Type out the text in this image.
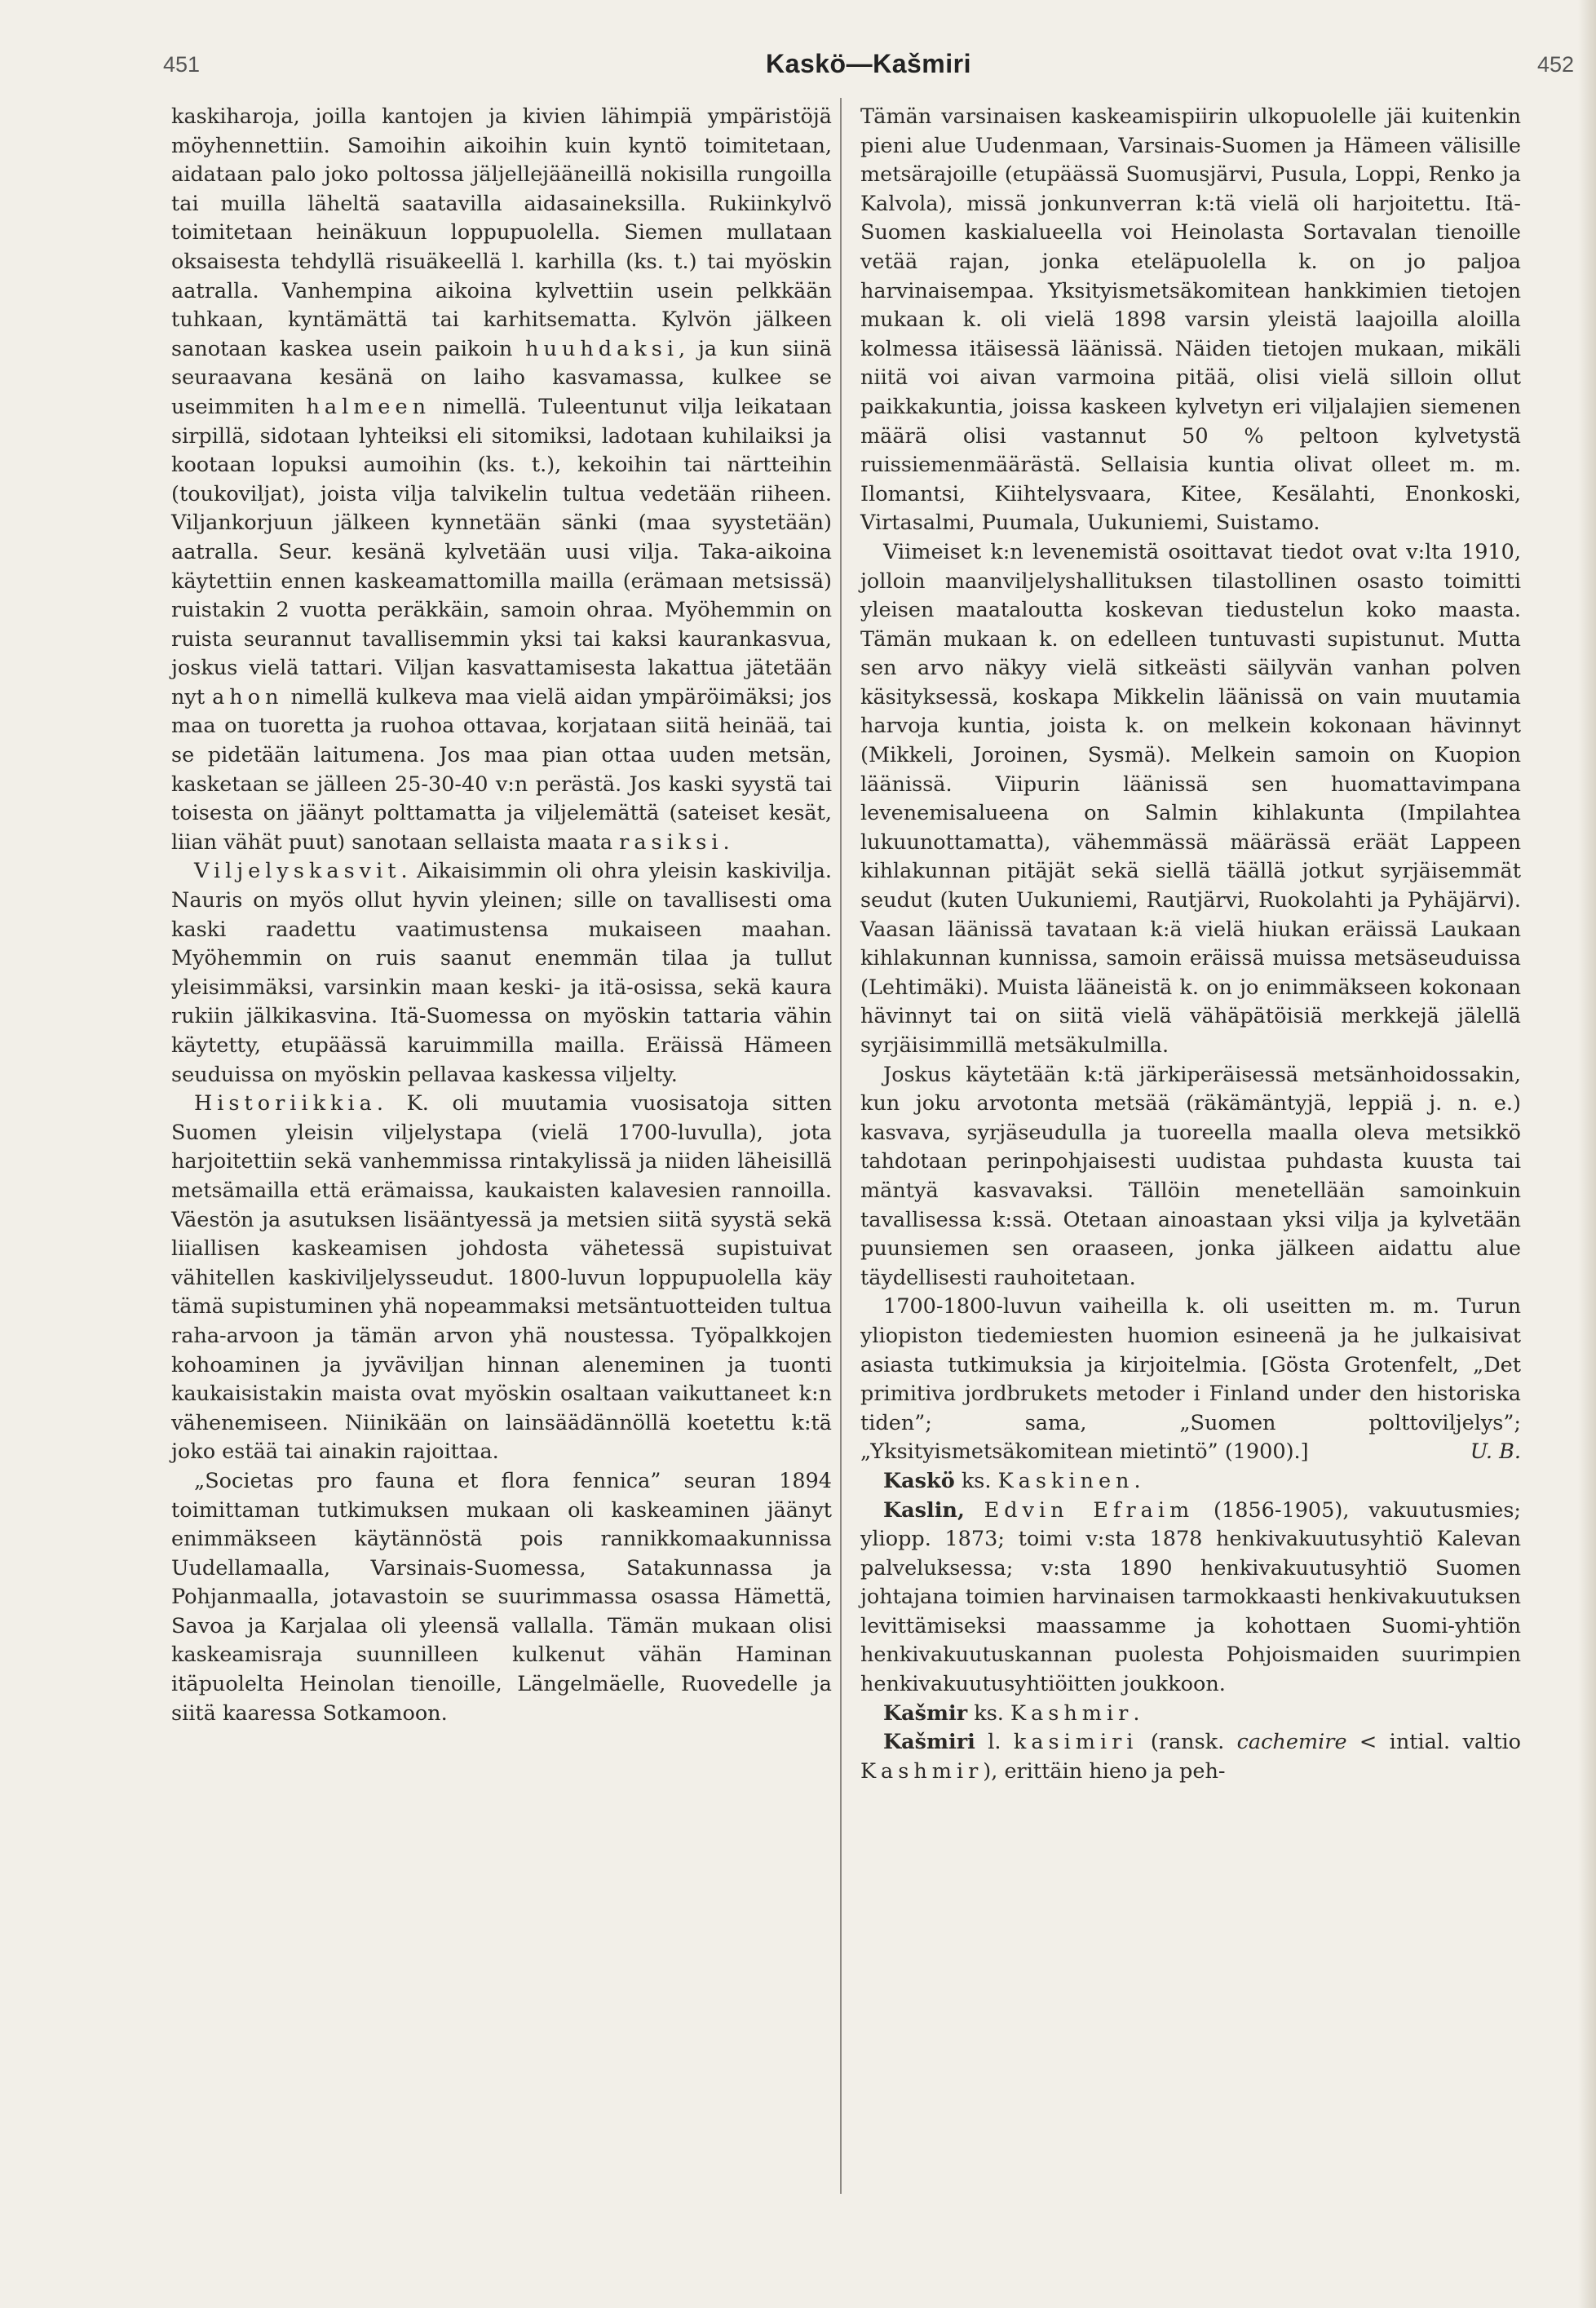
451	Kaskö—Kašmiri	452

kaskiharoja, joilla kantojen ja kivien lähimpiä ympäristöjä möyhennettiin. Samoihin aikoihin kuin kyntö toimitetaan, aidataan palo joko poltossa jäljellejääneillä nokisilla rungoilla tai muilla läheltä saatavilla aidasaineksilla. Rukiinkylvö toimitetaan heinäkuun loppupuolella. Siemen mullataan oksaisesta tehdyllä risuäkeellä l. karhilla (ks. t.) tai myöskin aatralla. Vanhempina aikoina kylvettiin usein pelkkään tuhkaan, kyntämättä tai karhitsematta. Kylvön jälkeen sanotaan kaskea usein paikoin huuhdaksi, ja kun siinä seuraavana kesänä on laiho kasvamassa, kulkee se useimmiten halmeen nimellä. Tuleentunut vilja leikataan sirpillä, sidotaan lyhteiksi eli sitomiksi, ladotaan kuhilaiksi ja kootaan lopuksi aumoihin (ks. t.), kekoihin tai närtteihin (toukoviljat), joista vilja talvikelin tultua vedetään riiheen. Viljankorjuun jälkeen kynnetään sänki (maa syystetään) aatralla. Seur. kesänä kylvetään uusi vilja. Taka-aikoina käytettiin ennen kaskeamattomilla mailla (erämaan metsissä) ruistakin 2 vuotta peräkkäin, samoin ohraa. Myöhemmin on ruista seurannut tavallisemmin yksi tai kaksi kaurankasvua, joskus vielä tattari. Viljan kasvattamisesta lakattua jätetään nyt ahon nimellä kulkeva maa vielä aidan ympäröimäksi; jos maa on tuoretta ja ruohoa ottavaa, korjataan siitä heinää, tai se pidetään laitumena. Jos maa pian ottaa uuden metsän, kasketaan se jälleen 25-30-40 v:n perästä. Jos kaski syystä tai toisesta on jäänyt polttamatta ja viljelemättä (sateiset kesät, liian vähät puut) sanotaan sellaista maata rasiksi.

Viljelyskasvit. Aikaisimmin oli ohra yleisin kaskivilja. Nauris on myös ollut hyvin yleinen; sille on tavallisesti oma kaski raadettu vaatimustensa mukaiseen maahan. Myöhemmin on ruis saanut enemmän tilaa ja tullut yleisimmäksi, varsinkin maan keski- ja itä-osissa, sekä kaura rukiin jälkikasvina. Itä-Suomessa on myöskin tattaria vähin käytetty, etupäässä karuimmilla mailla. Eräissä Hämeen seuduissa on myöskin pellavaa kaskessa viljelty.

Historiikkia. K. oli muutamia vuosisatoja sitten Suomen yleisin viljelystapa (vielä 1700-luvulla), jota harjoitettiin sekä vanhemmissa rintakylissä ja niiden läheisillä metsämailla että erämaissa, kaukaisten kalavesien rannoilla. Väestön ja asutuksen lisääntyessä ja metsien siitä syystä sekä liiallisen kaskeamisen johdosta vähetessä supistuivat vähitellen kaskiviljelysseudut. 1800-luvun loppupuolella käy tämä supistuminen yhä nopeammaksi metsäntuotteiden tultua raha-arvoon ja tämän arvon yhä noustessa. Työpalkkojen kohoaminen ja jyväviljan hinnan aleneminen ja tuonti kaukaisistakin maista ovat myöskin osaltaan vaikuttaneet k:n vähenemiseen. Niinikään on lainsäädännöllä koetettu k:tä joko estää tai ainakin rajoittaa.

„Societas pro fauna et flora fennica” seuran 1894 toimittaman tutkimuksen mukaan oli kaskeaminen jäänyt enimmäkseen käytännöstä pois rannikkomaakunnissa Uudellamaalla, Varsinais-Suomessa, Satakunnassa ja Pohjanmaalla, jotavastoin se suurimmassa osassa Hämettä, Savoa ja Karjalaa oli yleensä vallalla. Tämän mukaan olisi kaskeamisraja suunnilleen kulkenut vähän Haminan itäpuolelta Heinolan tienoille, Längelmäelle, Ruovedelle ja siitä kaaressa Sotkamoon.

Tämän varsinaisen kaskeamispiirin ulkopuolelle jäi kuitenkin pieni alue Uudenmaan, Varsinais-Suomen ja Hämeen välisille metsärajoille (etupäässä Suomusjärvi, Pusula, Loppi, Renko ja Kalvola), missä jonkunverran k:tä vielä oli harjoitettu. Itä-Suomen kaskialueella voi Heinolasta Sortavalan tienoille vetää rajan, jonka eteläpuolella k. on jo paljoa harvinaisempaa. Yksityismetsäkomitean hankkimien tietojen mukaan k. oli vielä 1898 varsin yleistä laajoilla aloilla kolmessa itäisessä läänissä. Näiden tietojen mukaan, mikäli niitä voi aivan varmoina pitää, olisi vielä silloin ollut paikkakuntia, joissa kaskeen kylvetyn eri viljalajien siemenen määrä olisi vastannut 50 % peltoon kylvetystä ruissiemenmäärästä. Sellaisia kuntia olivat olleet m. m. Ilomantsi, Kiihtelysvaara, Kitee, Kesälahti, Enonkoski, Virtasalmi, Puumala, Uukuniemi, Suistamo.

Viimeiset k:n levenemistä osoittavat tiedot ovat v:lta 1910, jolloin maanviljelyshallituksen tilastollinen osasto toimitti yleisen maataloutta koskevan tiedustelun koko maasta. Tämän mukaan k. on edelleen tuntuvasti supistunut. Mutta sen arvo näkyy vielä sitkeästi säilyvän vanhan polven käsityksessä, koskapa Mikkelin läänissä on vain muutamia harvoja kuntia, joista k. on melkein kokonaan hävinnyt (Mikkeli, Joroinen, Sysmä). Melkein samoin on Kuopion läänissä. Viipurin läänissä sen huomattavimpana levenemisalueena on Salmin kihlakunta (Impilahtea lukuunottamatta), vähemmässä määrässä eräät Lappeen kihlakunnan pitäjät sekä siellä täällä jotkut syrjäisemmät seudut (kuten Uukuniemi, Rautjärvi, Ruokolahti ja Pyhäjärvi). Vaasan läänissä tavataan k:ä vielä hiukan eräissä Laukaan kihlakunnan kunnissa, samoin eräissä muissa metsäseuduissa (Lehtimäki). Muista lääneistä k. on jo enimmäkseen kokonaan hävinnyt tai on siitä vielä vähäpätöisiä merkkejä jälellä syrjäisimmillä metsäkulmilla.

Joskus käytetään k:tä järkiperäisessä metsänhoidossakin, kun joku arvotonta metsää (räkämäntyjä, leppiä j. n. e.) kasvava, syrjäseudulla ja tuoreella maalla oleva metsikkö tahdotaan perinpohjaisesti uudistaa puhdasta kuusta tai mäntyä kasvavaksi. Tällöin menetellään samoinkuin tavallisessa k:ssä. Otetaan ainoastaan yksi vilja ja kylvetään puunsiemen sen oraaseen, jonka jälkeen aidattu alue täydellisesti rauhoitetaan.

1700-1800-luvun vaiheilla k. oli useitten m. m. Turun yliopiston tiedemiesten huomion esineenä ja he julkaisivat asiasta tutkimuksia ja kirjoitelmia. [Gösta Grotenfelt, „Det primitiva jordbrukets metoder i Finland under den historiska tiden”; sama, „Suomen polttoviljelys”; „Yksityismetsäkomitean mietintö” (1900).]	U. B.

Kaskö ks. Kaskinen.

Kaslin, Edvin Efraim (1856-1905), vakuutusmies; yliopp. 1873; toimi v:sta 1878 henkivakuutusyhtiö Kalevan palveluksessa; v:sta 1890 henkivakuutusyhtiö Suomen johtajana toimien harvinaisen tarmokkaasti henkivakuutuksen levittämiseksi maassamme ja kohottaen Suomi-yhtiön henkivakuutuskannan puolesta Pohjoismaiden suurimpien henkivakuutusyhtiöitten joukkoon.

Kašmir ks. Kashmir.

Kašmiri l. kasimiri (ransk. cachemire < intial. valtio Kashmir), erittäin hieno ja peh-
